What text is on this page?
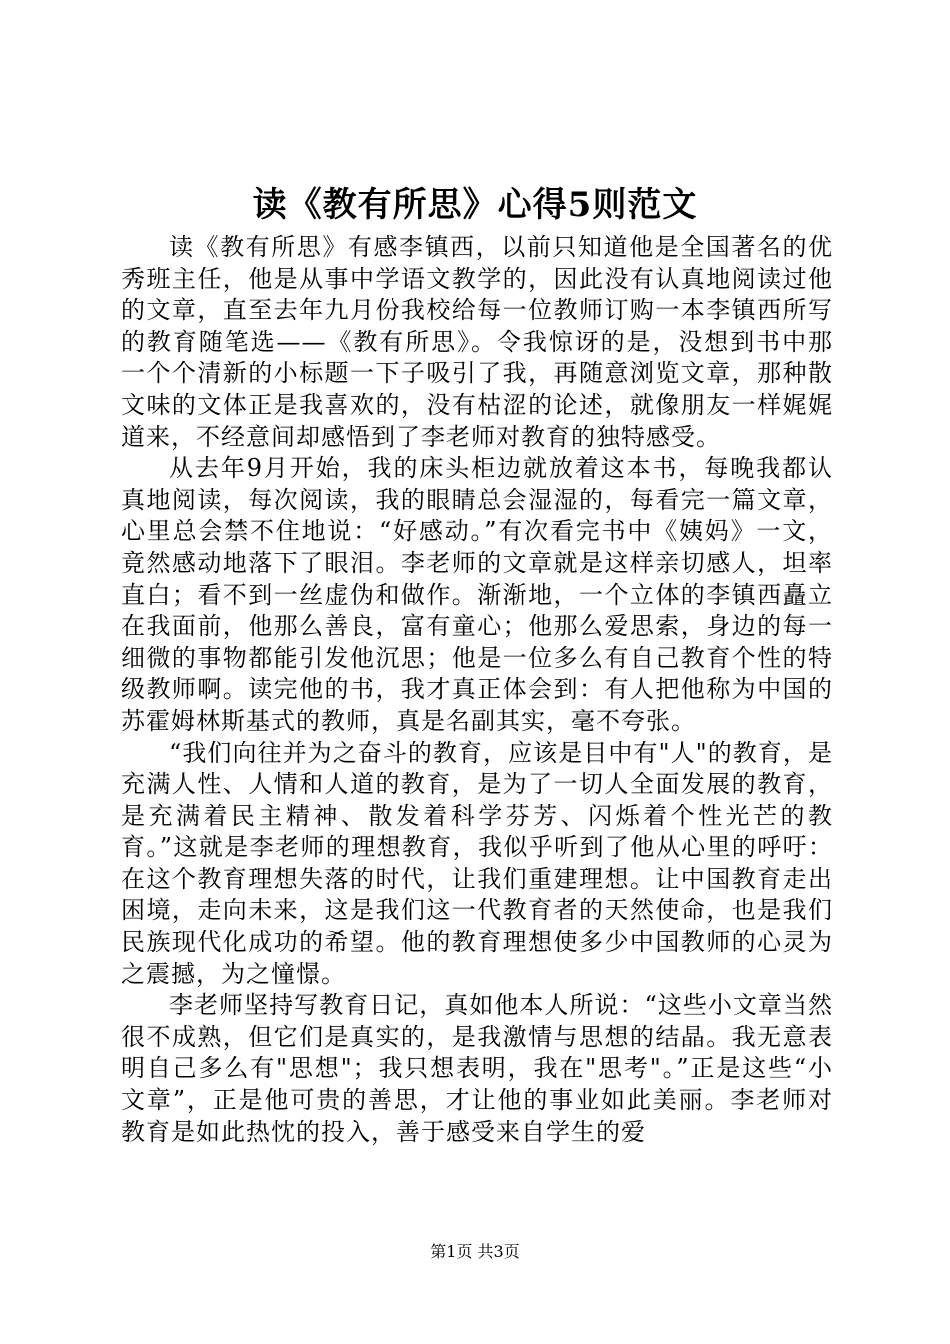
读《教有所思》心得5则范文

读《教有所思》有感李镇西，以前只知道他是全国著名的优秀班主任，他是从事中学语文教学的，因此没有认真地阅读过他的文章，直至去年九月份我校给每一位教师订购一本李镇西所写的教育随笔选——《教有所思》。令我惊讶的是，没想到书中那一个个清新的小标题一下子吸引了我，再随意浏览文章，那种散文味的文体正是我喜欢的，没有枯涩的论述，就像朋友一样娓娓道来，不经意间却感悟到了李老师对教育的独特感受。

从去年9月开始，我的床头柜边就放着这本书，每晚我都认真地阅读，每次阅读，我的眼睛总会湿湿的，每看完一篇文章，心里总会禁不住地说：“好感动。”有次看完书中《姨妈》一文，竟然感动地落下了眼泪。李老师的文章就是这样亲切感人，坦率直白；看不到一丝虚伪和做作。渐渐地，一个立体的李镇西矗立在我面前，他那么善良，富有童心；他那么爱思索，身边的每一细微的事物都能引发他沉思；他是一位多么有自己教育个性的特级教师啊。读完他的书，我才真正体会到：有人把他称为中国的苏霍姆林斯基式的教师，真是名副其实，毫不夸张。

“我们向往并为之奋斗的教育，应该是目中有"人"的教育，是充满人性、人情和人道的教育，是为了一切人全面发展的教育，是充满着民主精神、散发着科学芬芳、闪烁着个性光芒的教育。”这就是李老师的理想教育，我似乎听到了他从心里的呼吁：在这个教育理想失落的时代，让我们重建理想。让中国教育走出困境，走向未来，这是我们这一代教育者的天然使命，也是我们民族现代化成功的希望。他的教育理想使多少中国教师的心灵为之震撼，为之憧憬。

李老师坚持写教育日记，真如他本人所说：“这些小文章当然很不成熟，但它们是真实的，是我激情与思想的结晶。我无意表明自己多么有"思想"；我只想表明，我在"思考"。”正是这些“小文章”，正是他可贵的善思，才让他的事业如此美丽。李老师对教育是如此热忱的投入，善于感受来自学生的爱

第1页 共3页
